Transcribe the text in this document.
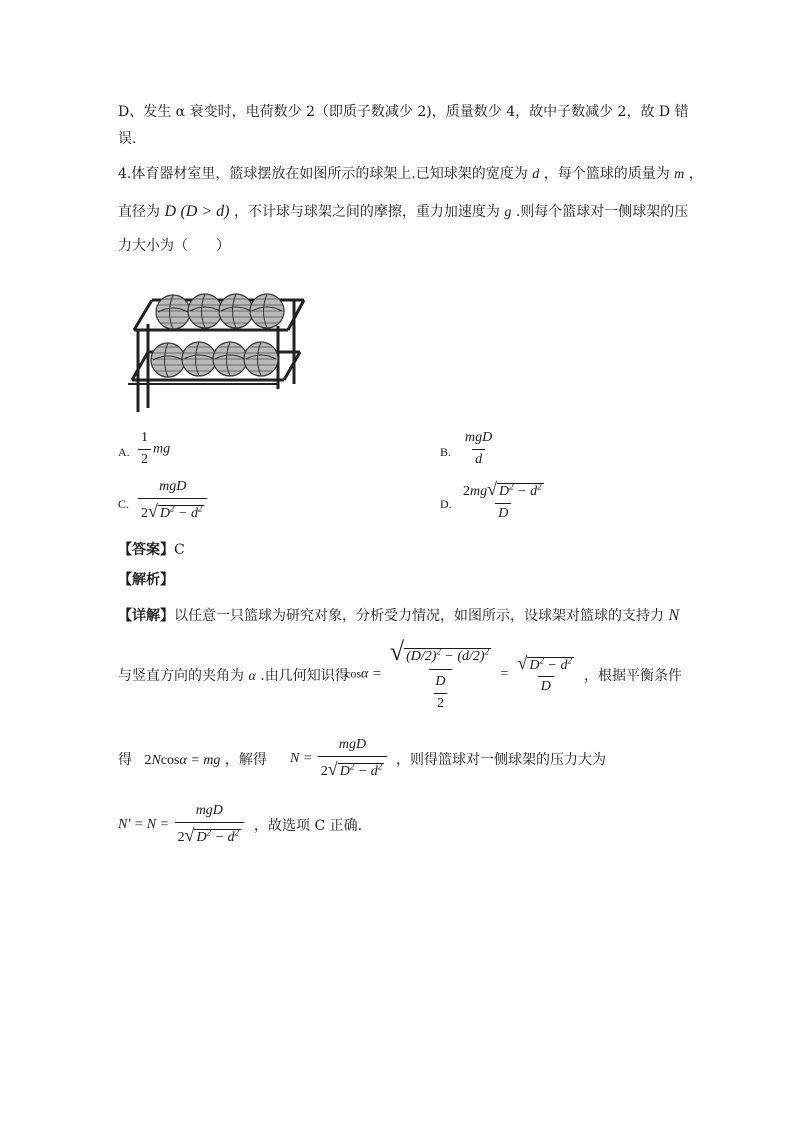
D、发生 α 衰变时，电荷数少 2（即质子数减少 2)，质量数少 4，故中子数减少 2，故 D 错
误．
4.体育器材室里，篮球摆放在如图所示的球架上.已知球架的宽度为 d ，每个篮球的质量为 m ，
直径为 D (D > d) ，不计球与球架之间的摩擦，重力加速度为 g .则每个篮球对一侧球架的压
力大小为（　　）
A. $\frac{1}{2}$ mg	B. $\frac{\text{mgD}}{d}$
C. $\frac{\text{mgD}}{2√ D^2 - d^2}$	D. $\frac{2mg√ D^2 - d^2}{D}$
【答案】C
【解析】
【详解】以任意一只篮球为研究对象，分析受力情况，如图所示，设球架对篮球的支持力 N
与竖直方向的夹角为 α .由几何知识得
$\cos\alpha = \frac{√ (D/2)^2 - (d/2)^2}{\frac{D}{2}} = \frac{√ D^2 - d^2}{D}$ ，根据平衡条件
得 2Ncosα = mg ，解得 $N = \frac{\text{mgD}}{2√ D^2 - d^2}$ ，则得篮球对一侧球架的压力大为
$N' = N = \frac{\text{mgD}}{2√ D^2 - d^2}$ ，故选项 C 正确.
